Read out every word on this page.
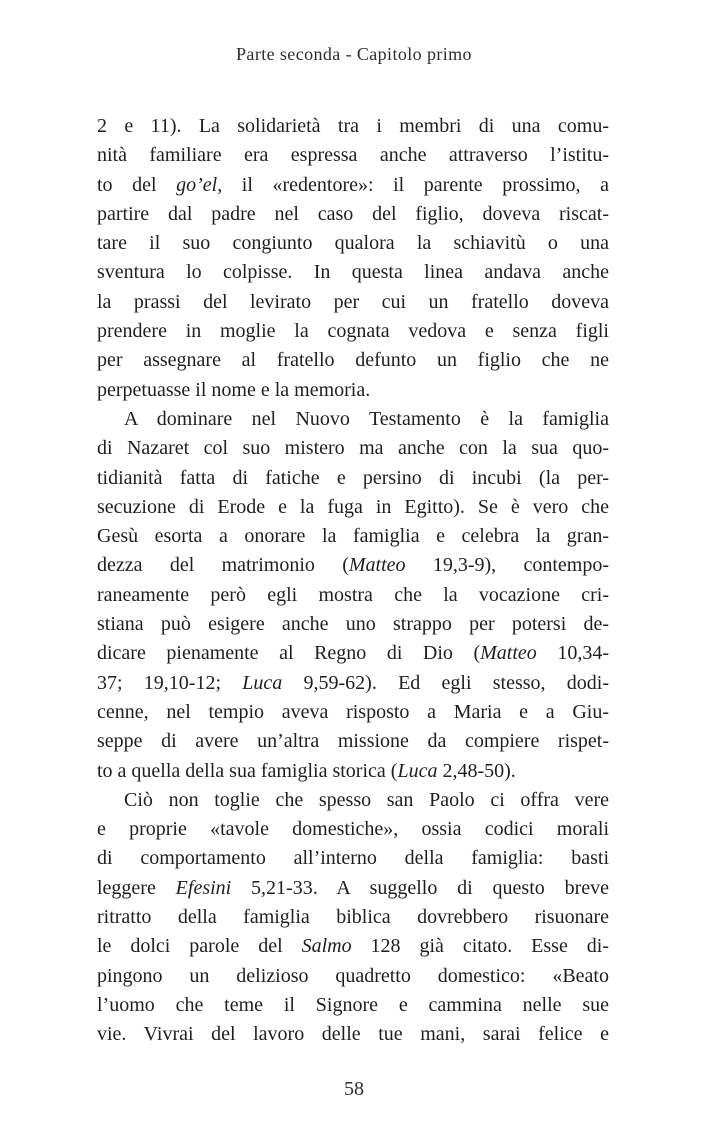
Parte seconda - Capitolo primo
2 e 11). La solidarietà tra i membri di una comu-
nità familiare era espressa anche attraverso l’istitu-
to del go’el, il «redentore»: il parente prossimo, a
partire dal padre nel caso del figlio, doveva riscat-
tare il suo congiunto qualora la schiavitù o una
sventura lo colpisse. In questa linea andava anche
la prassi del levirato per cui un fratello doveva
prendere in moglie la cognata vedova e senza figli
per assegnare al fratello defunto un figlio che ne
perpetuasse il nome e la memoria.
A dominare nel Nuovo Testamento è la famiglia
di Nazaret col suo mistero ma anche con la sua quo-
tidianità fatta di fatiche e persino di incubi (la per-
secuzione di Erode e la fuga in Egitto). Se è vero che
Gesù esorta a onorare la famiglia e celebra la gran-
dezza del matrimonio (Matteo 19,3-9), contempo-
raneamente però egli mostra che la vocazione cri-
stiana può esigere anche uno strappo per potersi de-
dicare pienamente al Regno di Dio (Matteo 10,34-
37; 19,10-12; Luca 9,59-62). Ed egli stesso, dodi-
cenne, nel tempio aveva risposto a Maria e a Giu-
seppe di avere un’altra missione da compiere rispet-
to a quella della sua famiglia storica (Luca 2,48-50).
Ciò non toglie che spesso san Paolo ci offra vere
e proprie «tavole domestiche», ossia codici morali
di comportamento all’interno della famiglia: basti
leggere Efesini 5,21-33. A suggello di questo breve
ritratto della famiglia biblica dovrebbero risuonare
le dolci parole del Salmo 128 già citato. Esse di-
pingono un delizioso quadretto domestico: «Beato
l’uomo che teme il Signore e cammina nelle sue
vie. Vivrai del lavoro delle tue mani, sarai felice e
58
